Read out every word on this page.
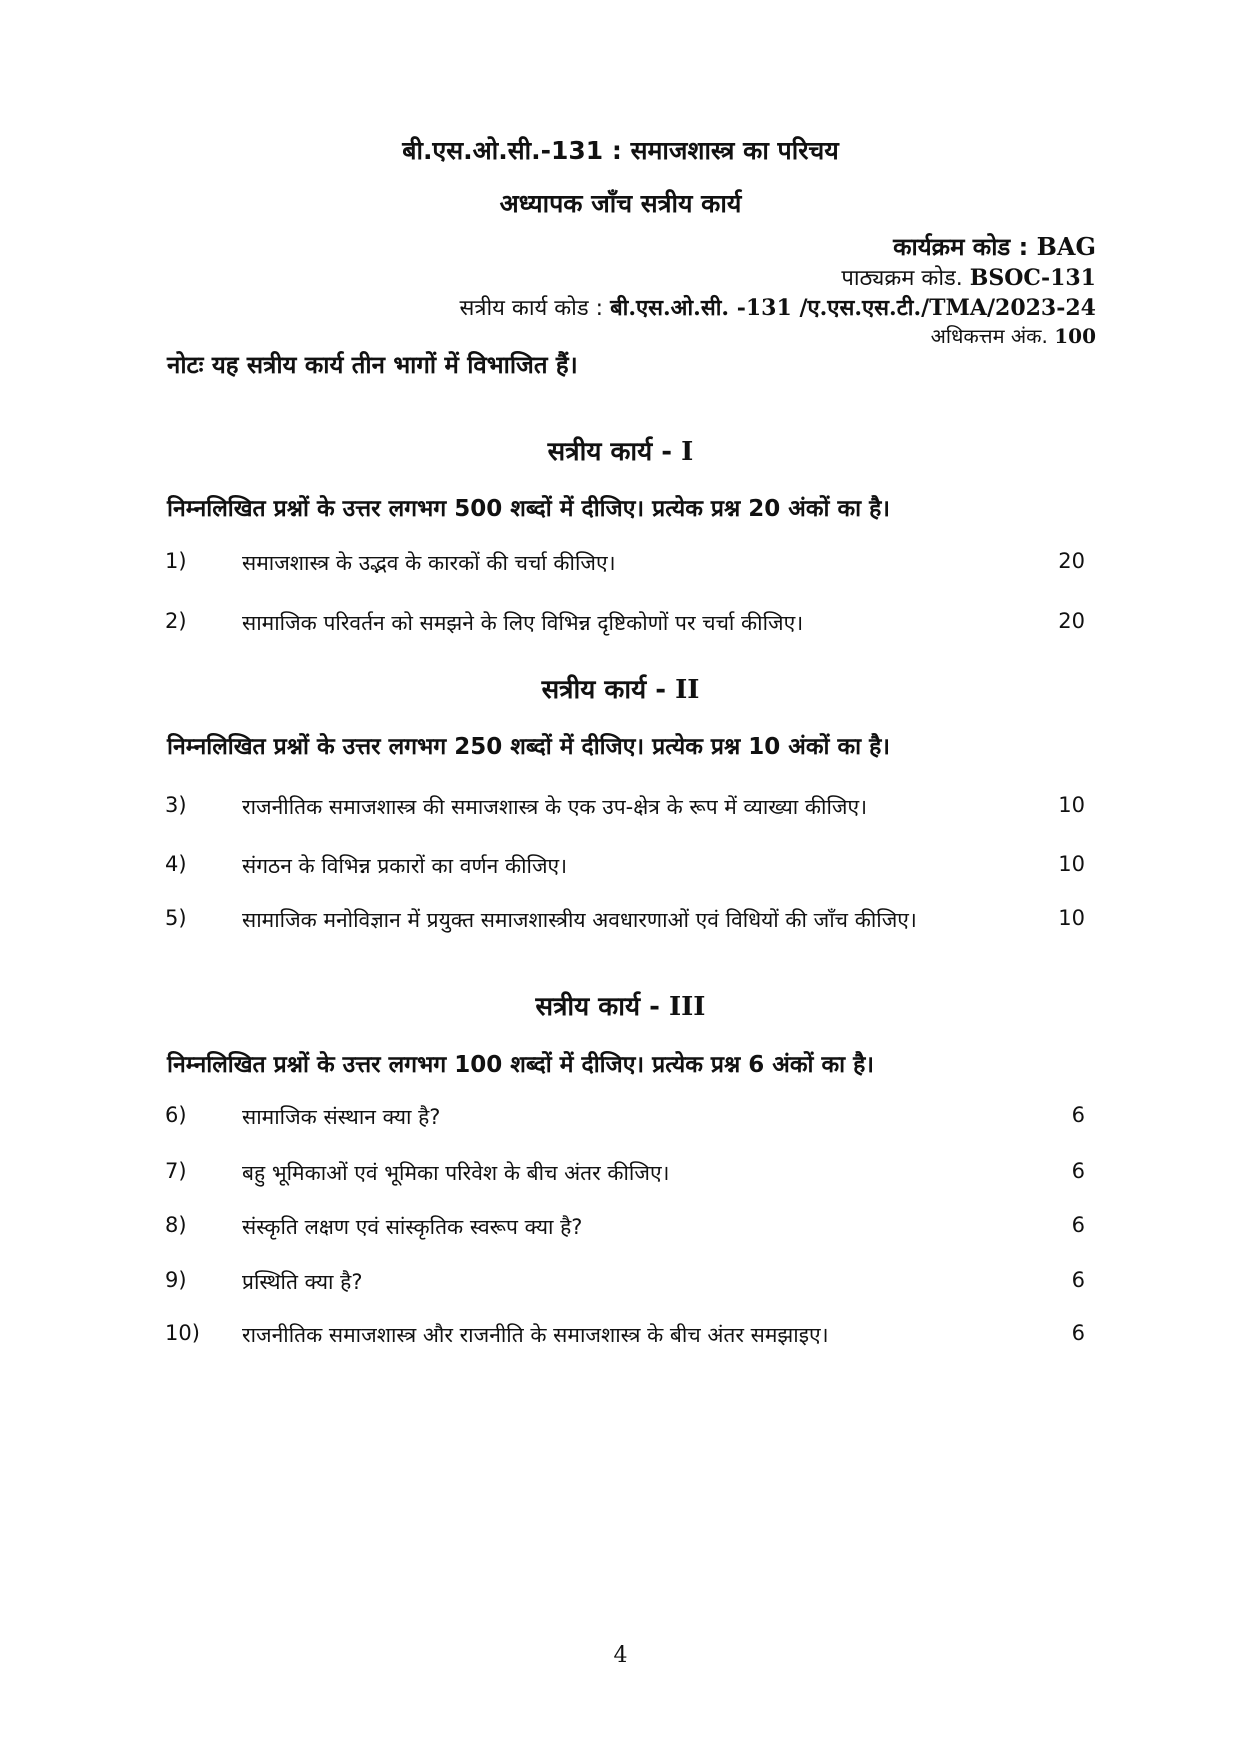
बी.एस.ओ.सी.-131 : समाजशास्त्र का परिचय
अध्यापक जाँच सत्रीय कार्य
कार्यक्रम कोड : BAG
पाठ्यक्रम कोड. BSOC-131
सत्रीय कार्य कोड : बी.एस.ओ.सी. -131 /ए.एस.एस.टी./TMA/2023-24
अधिकत्तम अंक. 100
नोटः यह सत्रीय कार्य तीन भागों में विभाजित हैं।
सत्रीय कार्य - I
निम्नलिखित प्रश्नों के उत्तर लगभग 500 शब्दों में दीजिए। प्रत्येक प्रश्न 20 अंकों का है।
1)	समाजशास्त्र के उद्भव के कारकों की चर्चा कीजिए।	20
2)	सामाजिक परिवर्तन को समझने के लिए विभिन्न दृष्टिकोणों पर चर्चा कीजिए।	20
सत्रीय कार्य - II
निम्नलिखित प्रश्नों के उत्तर लगभग 250 शब्दों में दीजिए। प्रत्येक प्रश्न 10 अंकों का है।
3)	राजनीतिक समाजशास्त्र की समाजशास्त्र के एक उप-क्षेत्र के रूप में व्याख्या कीजिए।	10
4)	संगठन के विभिन्न प्रकारों का वर्णन कीजिए।	10
5)	सामाजिक मनोविज्ञान में प्रयुक्त समाजशास्त्रीय अवधारणाओं एवं विधियों की जाँच कीजिए।	10
सत्रीय कार्य - III
निम्नलिखित प्रश्नों के उत्तर लगभग 100 शब्दों में दीजिए। प्रत्येक प्रश्न 6 अंकों का है।
6)	सामाजिक संस्थान क्या है?	6
7)	बहु भूमिकाओं एवं भूमिका परिवेश के बीच अंतर कीजिए।	6
8)	संस्कृति लक्षण एवं सांस्कृतिक स्वरूप क्या है?	6
9)	प्रस्थिति क्या है?	6
10) राजनीतिक समाजशास्त्र और राजनीति के समाजशास्त्र के बीच अंतर समझाइए।	6
4
